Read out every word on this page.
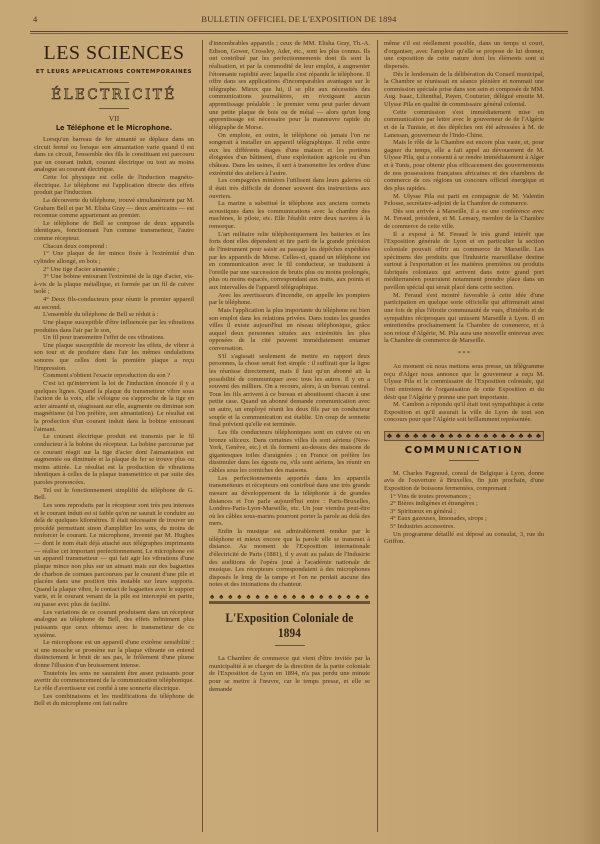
4	BULLETIN OFFICIEL DE L'EXPOSITION DE 1894
LES SCIENCES
ET LEURS APPLICATIONS CONTEMPORAINES
ÉLECTRICITÉ
VII
Le Téléphone et le Microphone.

Lorsqu'un barreau de fer aimanté se déplace dans un circuit fermé ou lorsque son aimantation varie quand il est dans ce circuit, l'ensemble des fils le constituant est parcouru par un courant induit, courant électrique ou tout au moins analogue au courant électrique.

Cette loi physique est celle de l'induction magnéto-électrique. Le téléphone est l'application directe des effets produit par l'induction.

La découverte du téléphone, trouvé simultanément par M. Graham Bell et par M. Elisha Gray — deux américains — est reconnue comme appartenant au premier.

Le téléphone de Bell se compose de deux appareils identiques, fonctionnant l'un comme transmetteur, l'autre comme récepteur.

Chacun deux comprend :

1° Une plaque de fer mince fixée à l'extrémité d'un cylindre allongé, en bois ;

2° Une tige d'acier aimantée ;

3° Une bobine entourant l'extrémité de la tige d'acier, vis-à-vis de la plaque métallique, et formée par un fil de cuivre isolé ;

4° Deux fils-conducteurs pour réunir le premier appareil au second.

L'ensemble du téléphone de Bell se réduit à :

Une plaque susceptible d'être influencée par les vibrations produites dans l'air par le son,

Un fil pour transmettre l'effet de ces vibrations.

Une plaque susceptible de recevoir les effets, de vibrer à son tour et de produire dans l'air les mêmes ondulations sonores que celles dont la première plaque a reçu l'impression.

Comment s'obtient l'exacte reproduction du son ?

C'est ici qu'intervient la loi de l'induction énoncée il y a quelques lignes. Quand la plaque du transmetteur vibre sous l'action de la voix, elle s'éloigne ou s'approche de la tige en acier aimanté et, réagissant sur elle, augmente ou diminue son magnétisme (si l'on préfère, son aimantation). Le résultat est la production d'un courant induit dans la bobine entourant l'aimant.

Le courant électrique produit est transmis par le fil conducteur à la bobine du récepteur. La bobine parcourue par ce courant réagit sur la tige d'acier dont l'aimantation est augmentée ou diminuée et la plaque de fer se trouve plus ou moins attirée. Le résultat est la production de vibrations identiques à celles de la plaque transmettrice et par suite des paroles prononcées.

Tel est le fonctionnement simplifié du téléphone de G. Bell.

Les sons reproduits par le récepteur sont très peu intenses et le courant induit est si faible qu'on ne saurait le conduire au delà de quelques kilomètres. Il était nécessaire de trouver un procédé permettant sinon d'amplifier les sons, du moins de renforcer le courant. Le microphone, inventé par M. Hughes — dont le nom était déjà attaché aux télégraphes imprimants — réalise cet important perfectionnement. Le microphone est un appareil transmetteur — qui fait agir les vibrations d'une plaque mince non plus sur un aimant mais sur des baguettes de charbon de cornues parcourues par le courant d'une pile et placées dans une position très instable sur leurs supports. Quand la plaque vibre, le contact de baguettes avec le support varie, et le courant venant de la pile est intercepté en partie, ou passe avec plus de facilité.

Les variations de ce courant produisent dans un récepteur analogue au téléphone de Bell, des effets infiniment plus puissants que ceux obtenus avec le transmetteur de ce système.

Le microphone est un appareil d'une extrême sensibilité : si une mouche se promène sur la plaque vibrante on entend distinctement le bruit de ses pas, le frôlement d'une plume donne l'illusion d'un bruissement intense.

Toutefois les sons ne sauraient être assez puissants pour avertir du commencement de la communication téléphonique. Le rôle d'avertisseur est confié à une sonnerie électrique.

Les combinaisons et les modifications du téléphone de Bell et du microphone ont fait naître

d'innombrables appareils ; ceux de MM. Elisha Gray, Th.-A. Edison, Gower, Crossley, Ader, etc., sont les plus connus. Ils ont contribué par les perfectionnements dont ils sont la réalisation, et par la commodité de leur emploi, à augmenter l'étonnante rapidité avec laquelle s'est répandu le téléphone. Il offre dans ses applications d'incomparables avantages sur le télégraphe. Mieux que lui, il se plie aux nécessités des communications journalières, en n'exigeant aucun apprentissage préalable : le premier venu peut parler devant une petite plaque de bois ou de métal — alors qu'un long apprentissage est nécessaire pour la manœuvre rapide du télégraphe de Morse.

On emploie, en outre, le téléphone où jamais l'on ne songerait à installer un appareil télégraphique. Il relie entre eux les différents étages d'une maison et les portions éloignées d'un bâtiment, d'une exploitation agricole ou d'un château. Dans les usines, il sert à transmettre les ordres d'une extrémité des ateliers à l'autre.

Les compagnies minières l'utilisent dans leurs galeries où il était très difficile de donner souvent des instructions aux ouvriers.

La marine a substitué le téléphone aux anciens cornets acoustiques dans les communications avec la chambre des machines, le pilote, etc. Elle l'établit entre deux navires à la remorque.

L'art militaire relie téléphoniquement les batteries et les forts dont elles dépendent et tire parti de la grande précision de l'instrument pour saisir au passage les dépêches expédiées par les appareils de Morse. Celles-ci, quand un téléphone est en communication avec le fil conducteur, se traduisent à l'oreille par une succession de bruits plus ou moins prolongés, plus ou moins espacés, correspondant aux traits, aux points et aux intervalles de l'appareil télégraphique.

Avec les avertisseurs d'incendie, on appelle les pompiers par le téléphone.

Mais l'application la plus importante du téléphone est bien son emploi dans les relations privées. Dans toutes les grandes villes il existe aujourd'hui un réseau téléphonique, grâce auquel deux personnes situées aux extrémités les plus opposées de la cité peuvent immédiatement entamer conversation.

S'il s'agissait seulement de mettre en rapport deux personnes, la chose serait fort simple : il suffirait que la ligne les réunisse directement, mais il faut qu'un abonné ait la possibilité de communiquer avec tous les autres. Il y en a souvent des milliers. On a recours, alors, à un bureau central. Tous les fils arrivent à ce bureau et aboutissent chacun à une petite case. Quand un abonné demande communication avec un autre, un employé réunit les deux fils par un conducteur souple et la communication est établie. Un coup de sonnette final prévient qu'elle est terminée.

Les fils conducteurs téléphoniques sont en cuivre ou en bronze siliceux. Dans certaines villes ils sont aériens (New-York, Genève, etc.) et ils forment au-dessus des maisons de gigantesques toiles d'araignées ; en France on préfère les dissimuler dans les égouts ou, s'ils sont aériens, les réunir en câbles sous les corniches des maisons.

Les perfectionnements apportés dans les appareils transmetteurs et récepteurs ont contribué dans une très grande mesure au développement de la téléphonie à de grandes distances et l'on parle aujourd'hui entre : Paris-Bruxelles, Londres-Paris-Lyon-Marseille, etc. Un jour viendra peut-être où les câbles sous-marins pourront porter la parole au delà des mers.

Enfin la musique est admirablement rendue par le téléphone et mieux encore que la parole elle se transmet à distance. Au moment de l'Exposition internationale d'électricité de Paris (1881), il y avait au palais de l'Industrie des auditions de l'opéra joué à l'académie nationale de musique. Les récepteurs correspondaient à des microphones disposés le long de la rampe et l'on ne perdait aucune des notes et des intonations du chanteur.

♠ ♠ ♠ ♠ ♠ ♠ ♠ ♠ ♠ ♠ ♠ ♠ ♠ ♠ ♠ ♠ ♠ ♠
L'Exposition Coloniale de 1894

La Chambre de commerce qui vient d'être invitée par la municipalité à se charger de la direction de la partie coloniale de l'Exposition de Lyon en 1894, n'a pas perdu une minute pour se mettre à l'œuvre, car le temps presse, et elle se demande

même s'il est réellement possible, dans un temps si court, d'organiser, avec l'ampleur qu'elle se propose de lui donner, une exposition de cette nature dont les éléments sont si dispersés.

Dès le lendemain de la délibération du Conseil municipal, la Chambre se réunissait en séance plénière et nommait une commission spéciale prise dans son sein et composée de MM. Aug. Isaac, Lilienthal, Payen, Couturier, délégué ensuite M. Ulysse Pila en qualité de commissaire général colonial.

Cette commission s'est immédiatement mise en communication par lettre avec le gouverneur de de l'Algérie et de la Tunisie, et des dépêches ont été adressées à M. de Lanessan, gouverneur de l'Indo-Chine.

Mais le rôle de la Chambre est encore plus vaste, et, pour gagner du temps, elle a fait appel au dévouement de M. Ulysse Pila, qui a consenti à se rendre immédiatement à Alger et à Tunis, pour obtenir plus efficacement des gouvernements de nos possessions françaises africaines et des chambres de commerce de ces régions un concours officiel énergique et des plus rapides.

M. Ulysse Pila est parti en compagnie de M. Valentin Pelosse, secrétaire-adjoint de la Chambre de commerce.

Dès son arrivée à Marseille, il a eu une conférence avec M. Feraud, président, et M. Lemary, membre de la Chambre de commerce de cette ville.

Il a exposé à M. Feraud le très grand intérêt que l'Exposition générale de Lyon et en particulier la section coloniale pouvait offrir au commerce de Marseille. Les spécimens des produits que l'industrie marseillaise destine surtout à l'exportation et les matières premières ou produits fabriqués coloniaux qui arrivent dans notre grand port méditerranéen pourraient notamment prendre place dans un pavillon spécial qui serait placé dans cette section.

M. Feraud s'est montré favorable à cette idée d'une participation en quelque sorte officielle qui affirmerait ainsi une fois de plus l'étroite communauté de vues, d'intérêts et de sympathies réciproques qui unissent Marseille à Lyon. Il en entretiendra prochainement la Chambre de commerce, et à son retour d'Algérie, M. Pila aura une nouvelle entrevue avec la Chambre de commerce de Marseille.

* * *

Au moment où nous mettons sous presse, un télégramme reçu d'Alger nous annonce que le gouverneur a reçu M. Ulysse Pila et le commissaire de l'Exposition coloniale, qui l'ont entretenu de l'organisation de cette Exposition et du désir que l'Algérie y prenne une part importante.

M. Cambon a répondu qu'il était tout sympathique à cette Exposition et qu'il assurait la ville de Lyon de tout son concours pour que l'Algérie soit brillamment représentée.

♣ ♣ ♣ ♣ ♣ ♣ ♣ ♣ ♣ ♣ ♣ ♣ ♣ ♣ ♣ ♣ ♣ ♣
COMMUNICATION

M. Charles Pagnoud, consul de Belgique à Lyon, donne avis de l'ouverture à Bruxelles, fin juin prochain, d'une Exposition de boissons fermentées, comprenant :

1° Vins de toutes provenances ;

2° Bières indigènes et étrangères ;

3° Spiritueux en général ;

4° Eaux gazeuses, limonades, sirops ;

5° Industries accessoires.

Un programme détaillé est déposé au consulat, 3, rue du Griffon.
